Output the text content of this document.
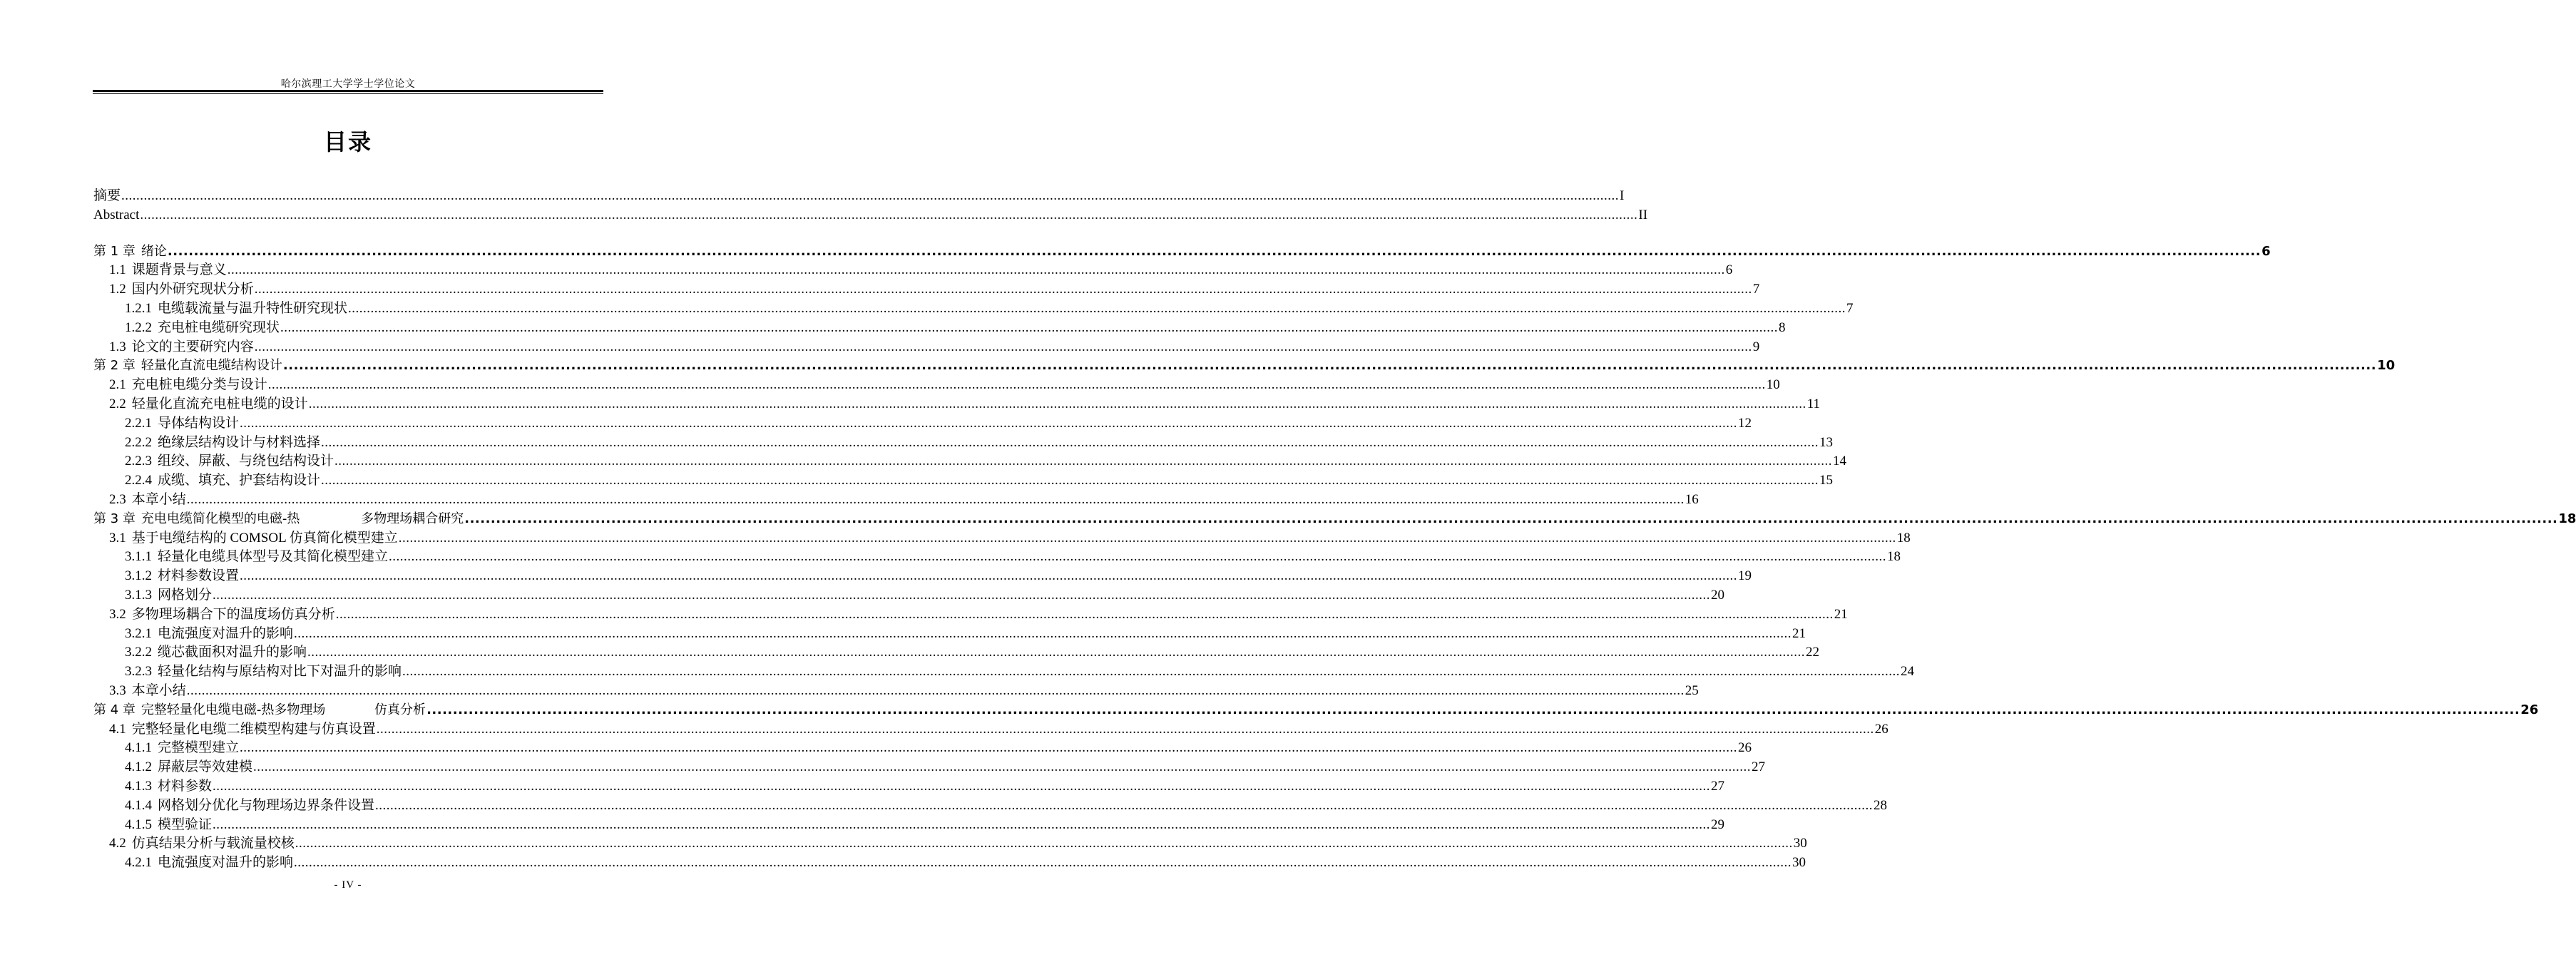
哈尔滨理工大学学士学位论文
目录
摘要 ................................................................................................................................................................................................................................................................................................................................................................................................................ I
Abstract ................................................................................................................................................................................................................................................................................................................................................................................................................ II
第 1 章 绪论 ................................................................................................................................................................................................................................................................................................................................................................................................................ 6
1.1 课题背景与意义 ................................................................................................................................................................................................................................................................................................................................................................................................................ 6
1.2 国内外研究现状分析 ................................................................................................................................................................................................................................................................................................................................................................................................................ 7
1.2.1 电缆载流量与温升特性研究现状 ................................................................................................................................................................................................................................................................................................................................................................................................................ 7
1.2.2 充电桩电缆研究现状 ................................................................................................................................................................................................................................................................................................................................................................................................................ 8
1.3 论文的主要研究内容 ................................................................................................................................................................................................................................................................................................................................................................................................................ 9
第 2 章 轻量化直流电缆结构设计 ................................................................................................................................................................................................................................................................................................................................................................................................................ 10
2.1 充电桩电缆分类与设计 ................................................................................................................................................................................................................................................................................................................................................................................................................ 10
2.2 轻量化直流充电桩电缆的设计 ................................................................................................................................................................................................................................................................................................................................................................................................................ 11
2.2.1 导体结构设计 ................................................................................................................................................................................................................................................................................................................................................................................................................ 12
2.2.2 绝缘层结构设计与材料选择 ................................................................................................................................................................................................................................................................................................................................................................................................................ 13
2.2.3 组绞、屏蔽、与绕包结构设计 ................................................................................................................................................................................................................................................................................................................................................................................................................ 14
2.2.4 成缆、填充、护套结构设计 ................................................................................................................................................................................................................................................................................................................................................................................................................ 15
2.3 本章小结 ................................................................................................................................................................................................................................................................................................................................................................................................................ 16
第 3 章 充电电缆简化模型的电磁-热               多物理场耦合研究 ................................................................................................................................................................................................................................................................................................................................................................................................................ 18
3.1 基于电缆结构的 COMSOL 仿真简化模型建立 ................................................................................................................................................................................................................................................................................................................................................................................................................ 18
3.1.1 轻量化电缆具体型号及其简化模型建立 ................................................................................................................................................................................................................................................................................................................................................................................................................ 18
3.1.2 材料参数设置 ................................................................................................................................................................................................................................................................................................................................................................................................................ 19
3.1.3 网格划分 ................................................................................................................................................................................................................................................................................................................................................................................................................ 20
3.2 多物理场耦合下的温度场仿真分析 ................................................................................................................................................................................................................................................................................................................................................................................................................ 21
3.2.1 电流强度对温升的影响 ................................................................................................................................................................................................................................................................................................................................................................................................................ 21
3.2.2 缆芯截面积对温升的影响 ................................................................................................................................................................................................................................................................................................................................................................................................................ 22
3.2.3 轻量化结构与原结构对比下对温升的影响 ................................................................................................................................................................................................................................................................................................................................................................................................................ 24
3.3 本章小结 ................................................................................................................................................................................................................................................................................................................................................................................................................ 25
第 4 章 完整轻量化电缆电磁-热多物理场            仿真分析 ................................................................................................................................................................................................................................................................................................................................................................................................................ 26
4.1 完整轻量化电缆二维模型构建与仿真设置 ................................................................................................................................................................................................................................................................................................................................................................................................................ 26
4.1.1 完整模型建立 ................................................................................................................................................................................................................................................................................................................................................................................................................ 26
4.1.2 屏蔽层等效建模 ................................................................................................................................................................................................................................................................................................................................................................................................................ 27
4.1.3 材料参数 ................................................................................................................................................................................................................................................................................................................................................................................................................ 27
4.1.4 网格划分优化与物理场边界条件设置 ................................................................................................................................................................................................................................................................................................................................................................................................................ 28
4.1.5 模型验证 ................................................................................................................................................................................................................................................................................................................................................................................................................ 29
4.2 仿真结果分析与载流量校核 ................................................................................................................................................................................................................................................................................................................................................................................................................ 30
4.2.1 电流强度对温升的影响 ................................................................................................................................................................................................................................................................................................................................................................................................................ 30
- IV -
